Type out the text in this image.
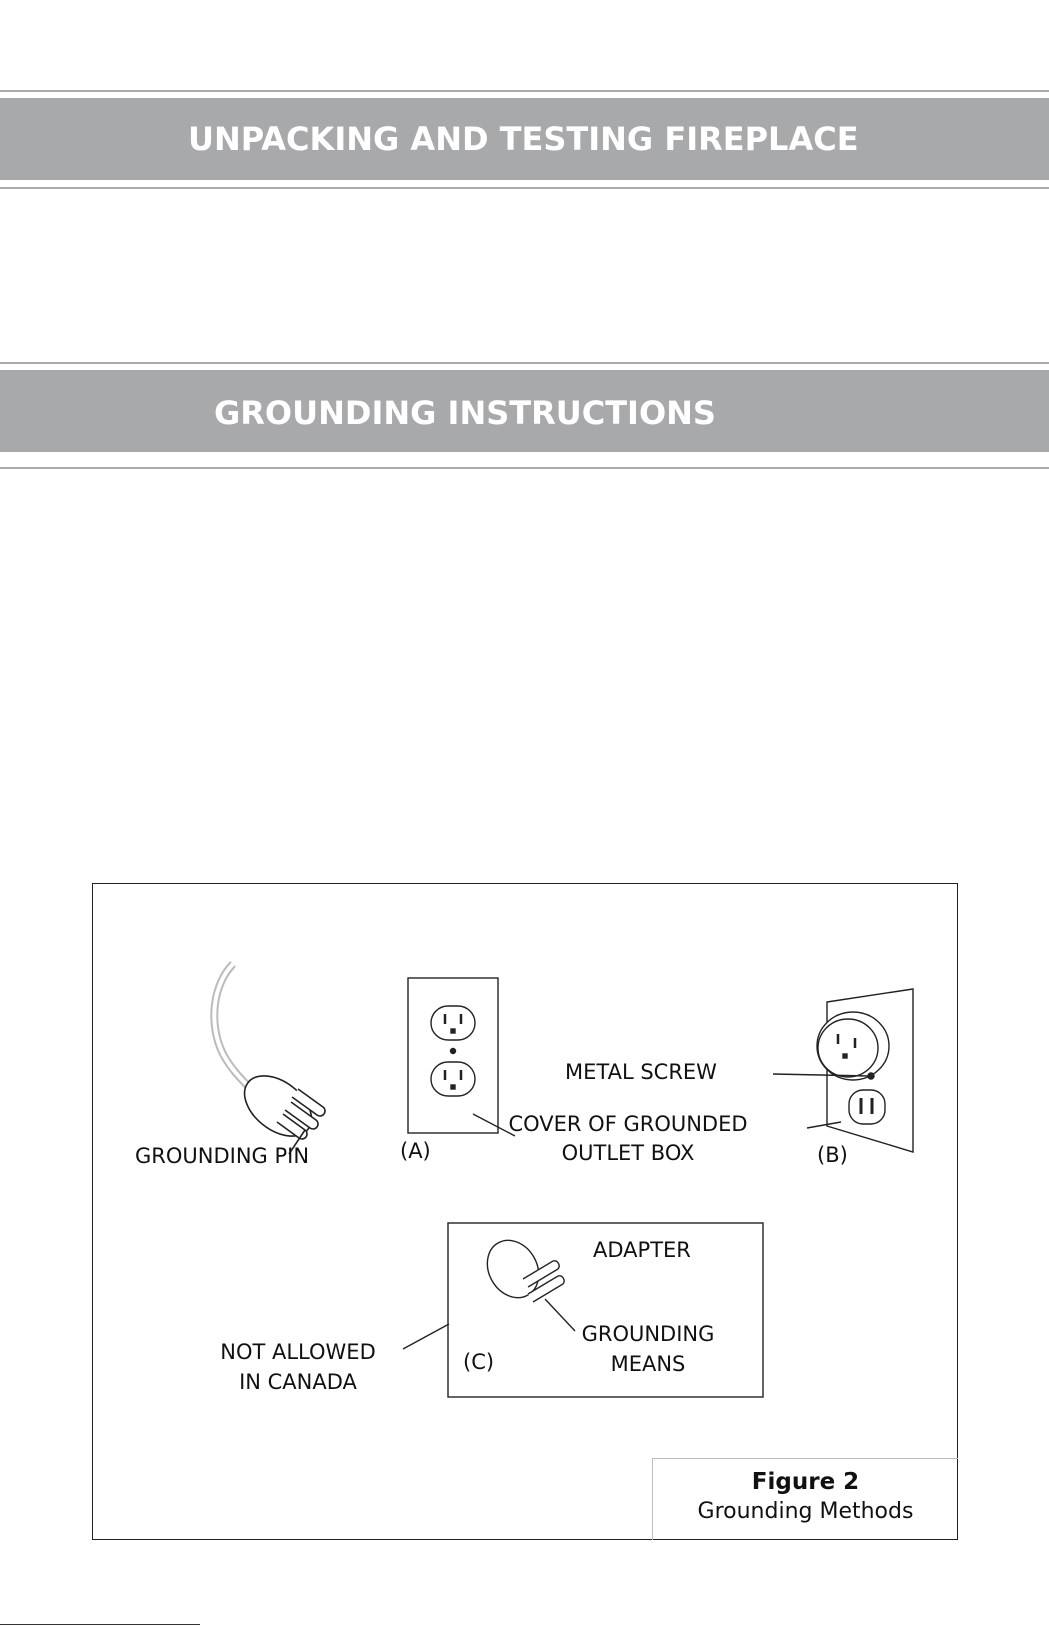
UNPACKING AND TESTING FIREPLACE
GROUNDING INSTRUCTIONS
GROUNDING PIN	(A)
METAL SCREW
COVER OF GROUNDED
OUTLET BOX	(B)
ADAPTER
GROUNDING
MEANS
(C)
NOT ALLOWED
IN CANADA
Figure 2
Grounding Methods
